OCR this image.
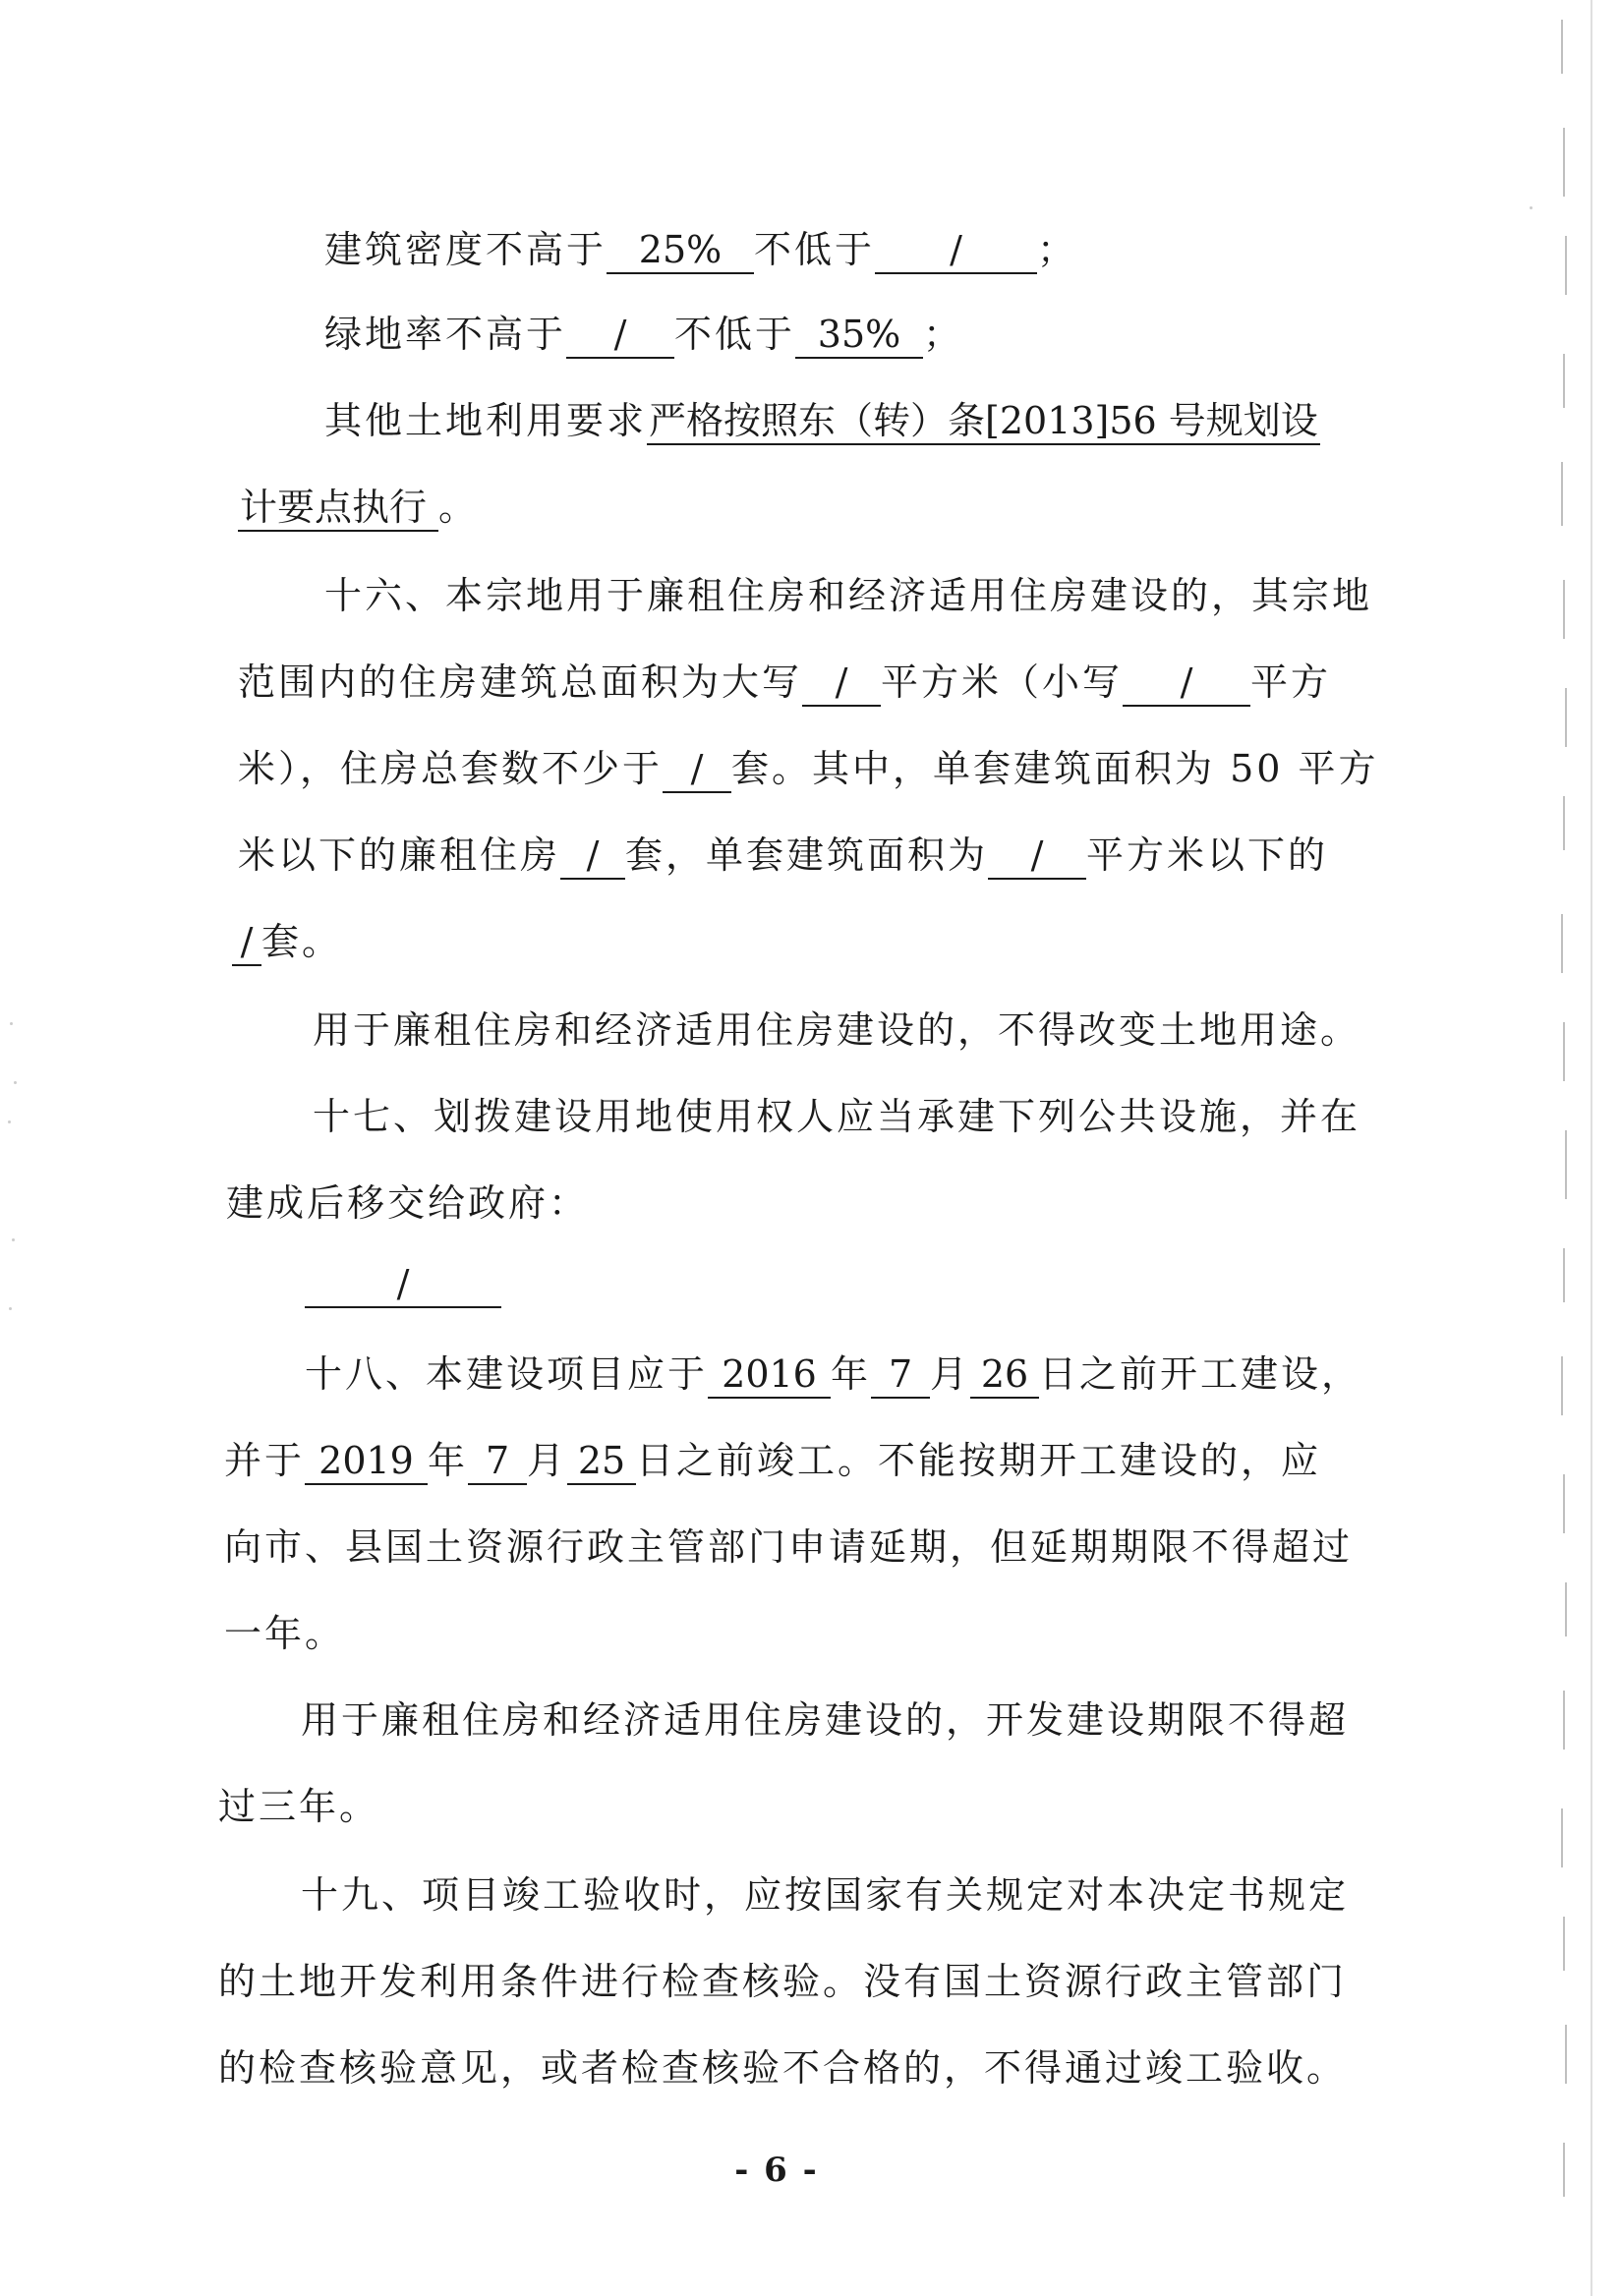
建筑密度不高于 25% 不低于 / ；
绿地率不高于 / 不低于 35% ；
其他土地利用要求严格按照东（转）条[2013]56 号规划设
计要点执行 。
十六、本宗地用于廉租住房和经济适用住房建设的，其宗地
范围内的住房建筑总面积为大写 / 平方米（小写 / 平方
米），住房总套数不少于 / 套。其中，单套建筑面积为 50 平方
米以下的廉租住房 / 套，单套建筑面积为 / 平方米以下的
/ 套。
用于廉租住房和经济适用住房建设的，不得改变土地用途。
十七、划拨建设用地使用权人应当承建下列公共设施，并在
建成后移交给政府：
/
十八、本建设项目应于 2016 年 7 月 26 日之前开工建设，
并于 2019 年 7 月 25 日之前竣工。不能按期开工建设的，应
向市、县国土资源行政主管部门申请延期，但延期期限不得超过
一年。
用于廉租住房和经济适用住房建设的，开发建设期限不得超
过三年。
十九、项目竣工验收时，应按国家有关规定对本决定书规定
的土地开发利用条件进行检查核验。没有国土资源行政主管部门
的检查核验意见，或者检查核验不合格的，不得通过竣工验收。
- 6 -
